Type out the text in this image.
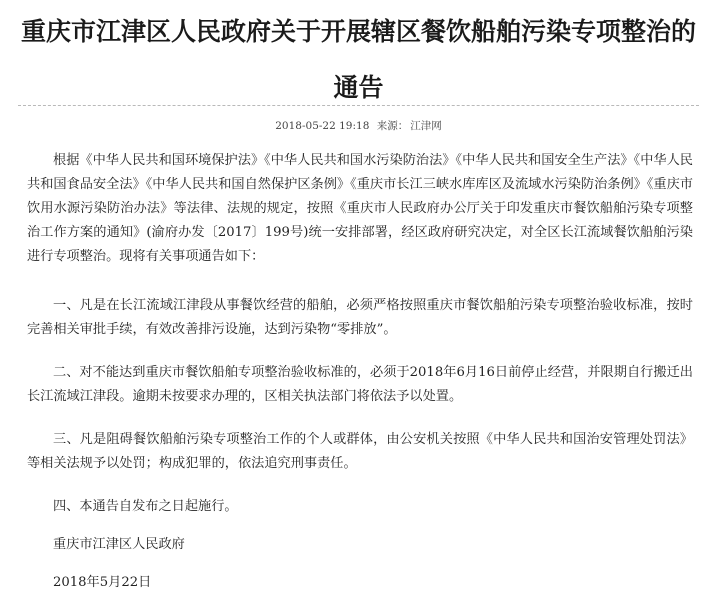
重庆市江津区人民政府关于开展辖区餐饮船舶污染专项整治的
通告
2018-05-22 19:18 来源： 江津网
根据《中华人民共和国环境保护法》《中华人民共和国水污染防治法》《中华人民共和国安全生产法》《中华人民共和国食品安全法》《中华人民共和国自然保护区条例》《重庆市长江三峡水库库区及流域水污染防治条例》《重庆市饮用水源污染防治办法》等法律、法规的规定，按照《重庆市人民政府办公厅关于印发重庆市餐饮船舶污染专项整治工作方案的通知》(渝府办发〔2017〕199号)统一安排部署，经区政府研究决定，对全区长江流域餐饮船舶污染进行专项整治。现将有关事项通告如下：
一、凡是在长江流域江津段从事餐饮经营的船舶，必须严格按照重庆市餐饮船舶污染专项整治验收标准，按时完善相关审批手续，有效改善排污设施，达到污染物“零排放”。
二、对不能达到重庆市餐饮船舶专项整治验收标准的，必须于2018年6月16日前停止经营，并限期自行搬迁出长江流域江津段。逾期未按要求办理的，区相关执法部门将依法予以处置。
三、凡是阻碍餐饮船舶污染专项整治工作的个人或群体，由公安机关按照《中华人民共和国治安管理处罚法》等相关法规予以处罚；构成犯罪的，依法追究刑事责任。
四、本通告自发布之日起施行。
重庆市江津区人民政府
2018年5月22日
